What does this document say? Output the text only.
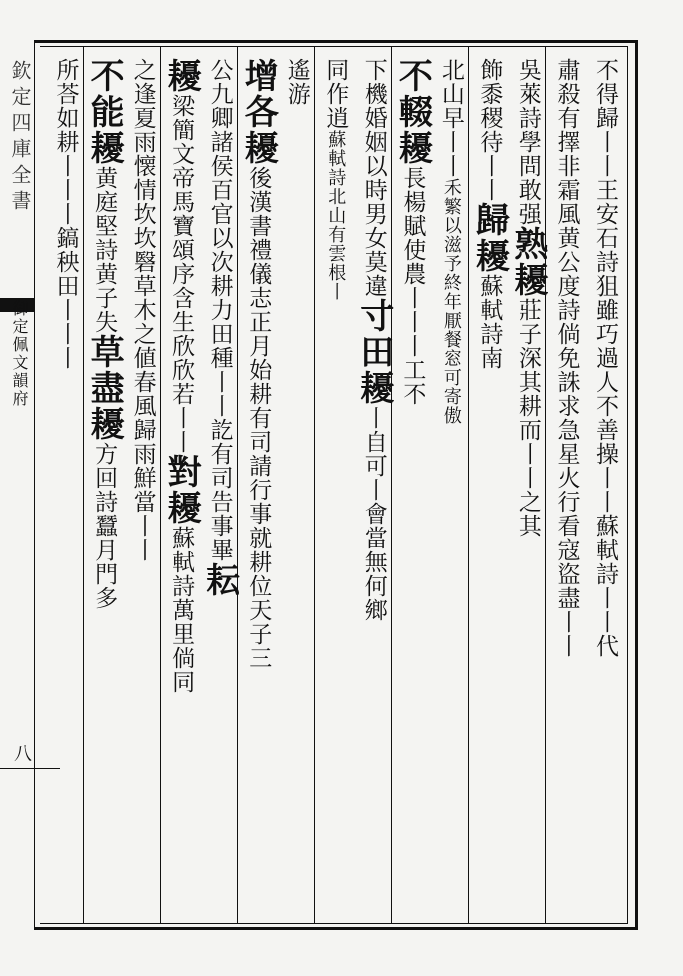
欽定四庫全書
御定佩文韻府
八
不得歸丨丨王安石詩狙雖巧過人不善操丨丨蘇軾詩丨丨代
肅殺有擇非霜風黄公度詩倘免誅求急星火行看寇盜盡丨丨
吳萊詩學問敢强熟耰莊子深其耕而丨丨之其
飾黍稷待丨丨歸耰蘇軾詩南
北山早丨丨禾繁以滋予終年厭餐窓可寄傲
不輟耰長楊賦使農丨丨丨工不
下機婚姻以時男女莫違寸田耰丨自可丨會當無何鄉
同作逍蘇軾詩北山有雲根丨
遙游
增各耰後漢書禮儀志正月始耕有司請行事就耕位天子三
公九卿諸侯百官以次耕力田種丨丨訖有司告事畢耘
耰梁簡文帝馬寶頌序含生欣欣若丨丨對耰蘇軾詩萬里倘同
之逢夏雨懐情坎坎䃜草木之値春風歸雨鮮當丨丨
不能耰黄庭堅詩黄子失草盡耰方回詩蠶月門多
所荅如耕丨丨丨鎬秧田丨丨丨
